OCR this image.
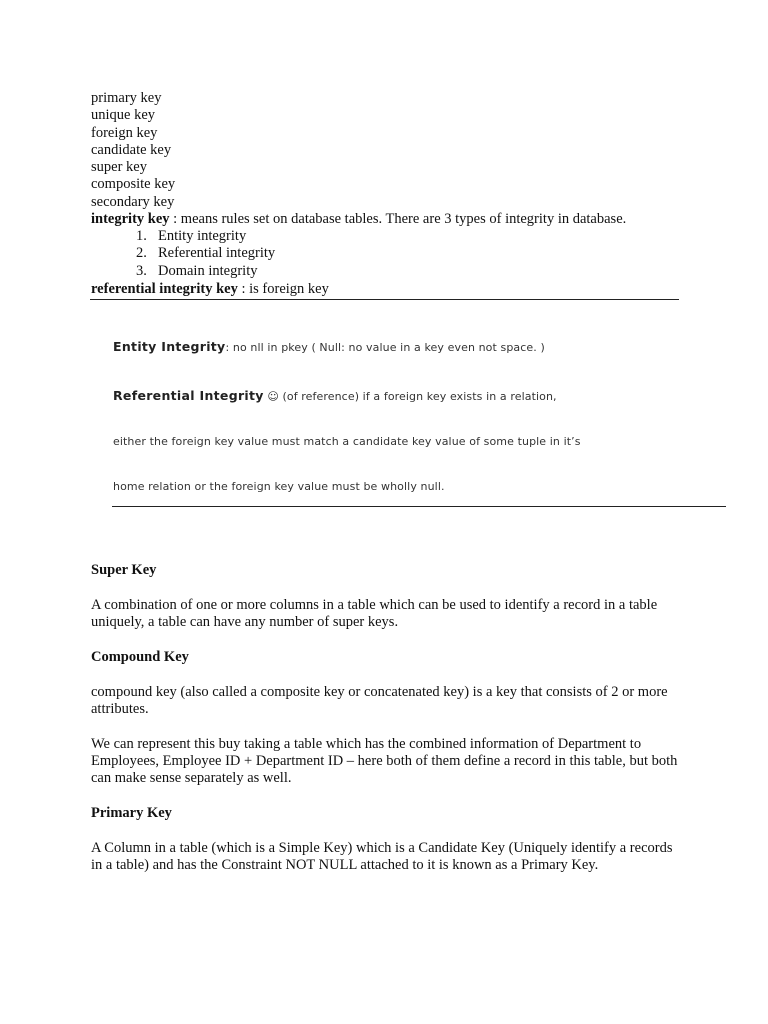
primary key
unique key
foreign key
candidate key
super key
composite key
secondary key
integrity key : means rules set on database tables. There are 3 types of integrity in database.
1. Entity integrity
2. Referential integrity
3. Domain integrity
referential integrity key : is foreign key
Entity Integrity: no nll in pkey ( Null: no value in a key even not space. )
Referential Integrity ☺ (of reference) if a foreign key exists in a relation,
either the foreign key value must match a candidate key value of some tuple in it’s
home relation or the foreign key value must be wholly null.
Super Key
A combination of one or more columns in a table which can be used to identify a record in a table uniquely, a table can have any number of super keys.
Compound Key
compound key (also called a composite key or concatenated key) is a key that consists of 2 or more attributes.
We can represent this buy taking a table which has the combined information of Department to Employees, Employee ID + Department ID – here both of them define a record in this table, but both can make sense separately as well.
Primary Key
A Column in a table (which is a Simple Key) which is a Candidate Key (Uniquely identify a records in a table) and has the Constraint NOT NULL attached to it is known as a Primary Key.
